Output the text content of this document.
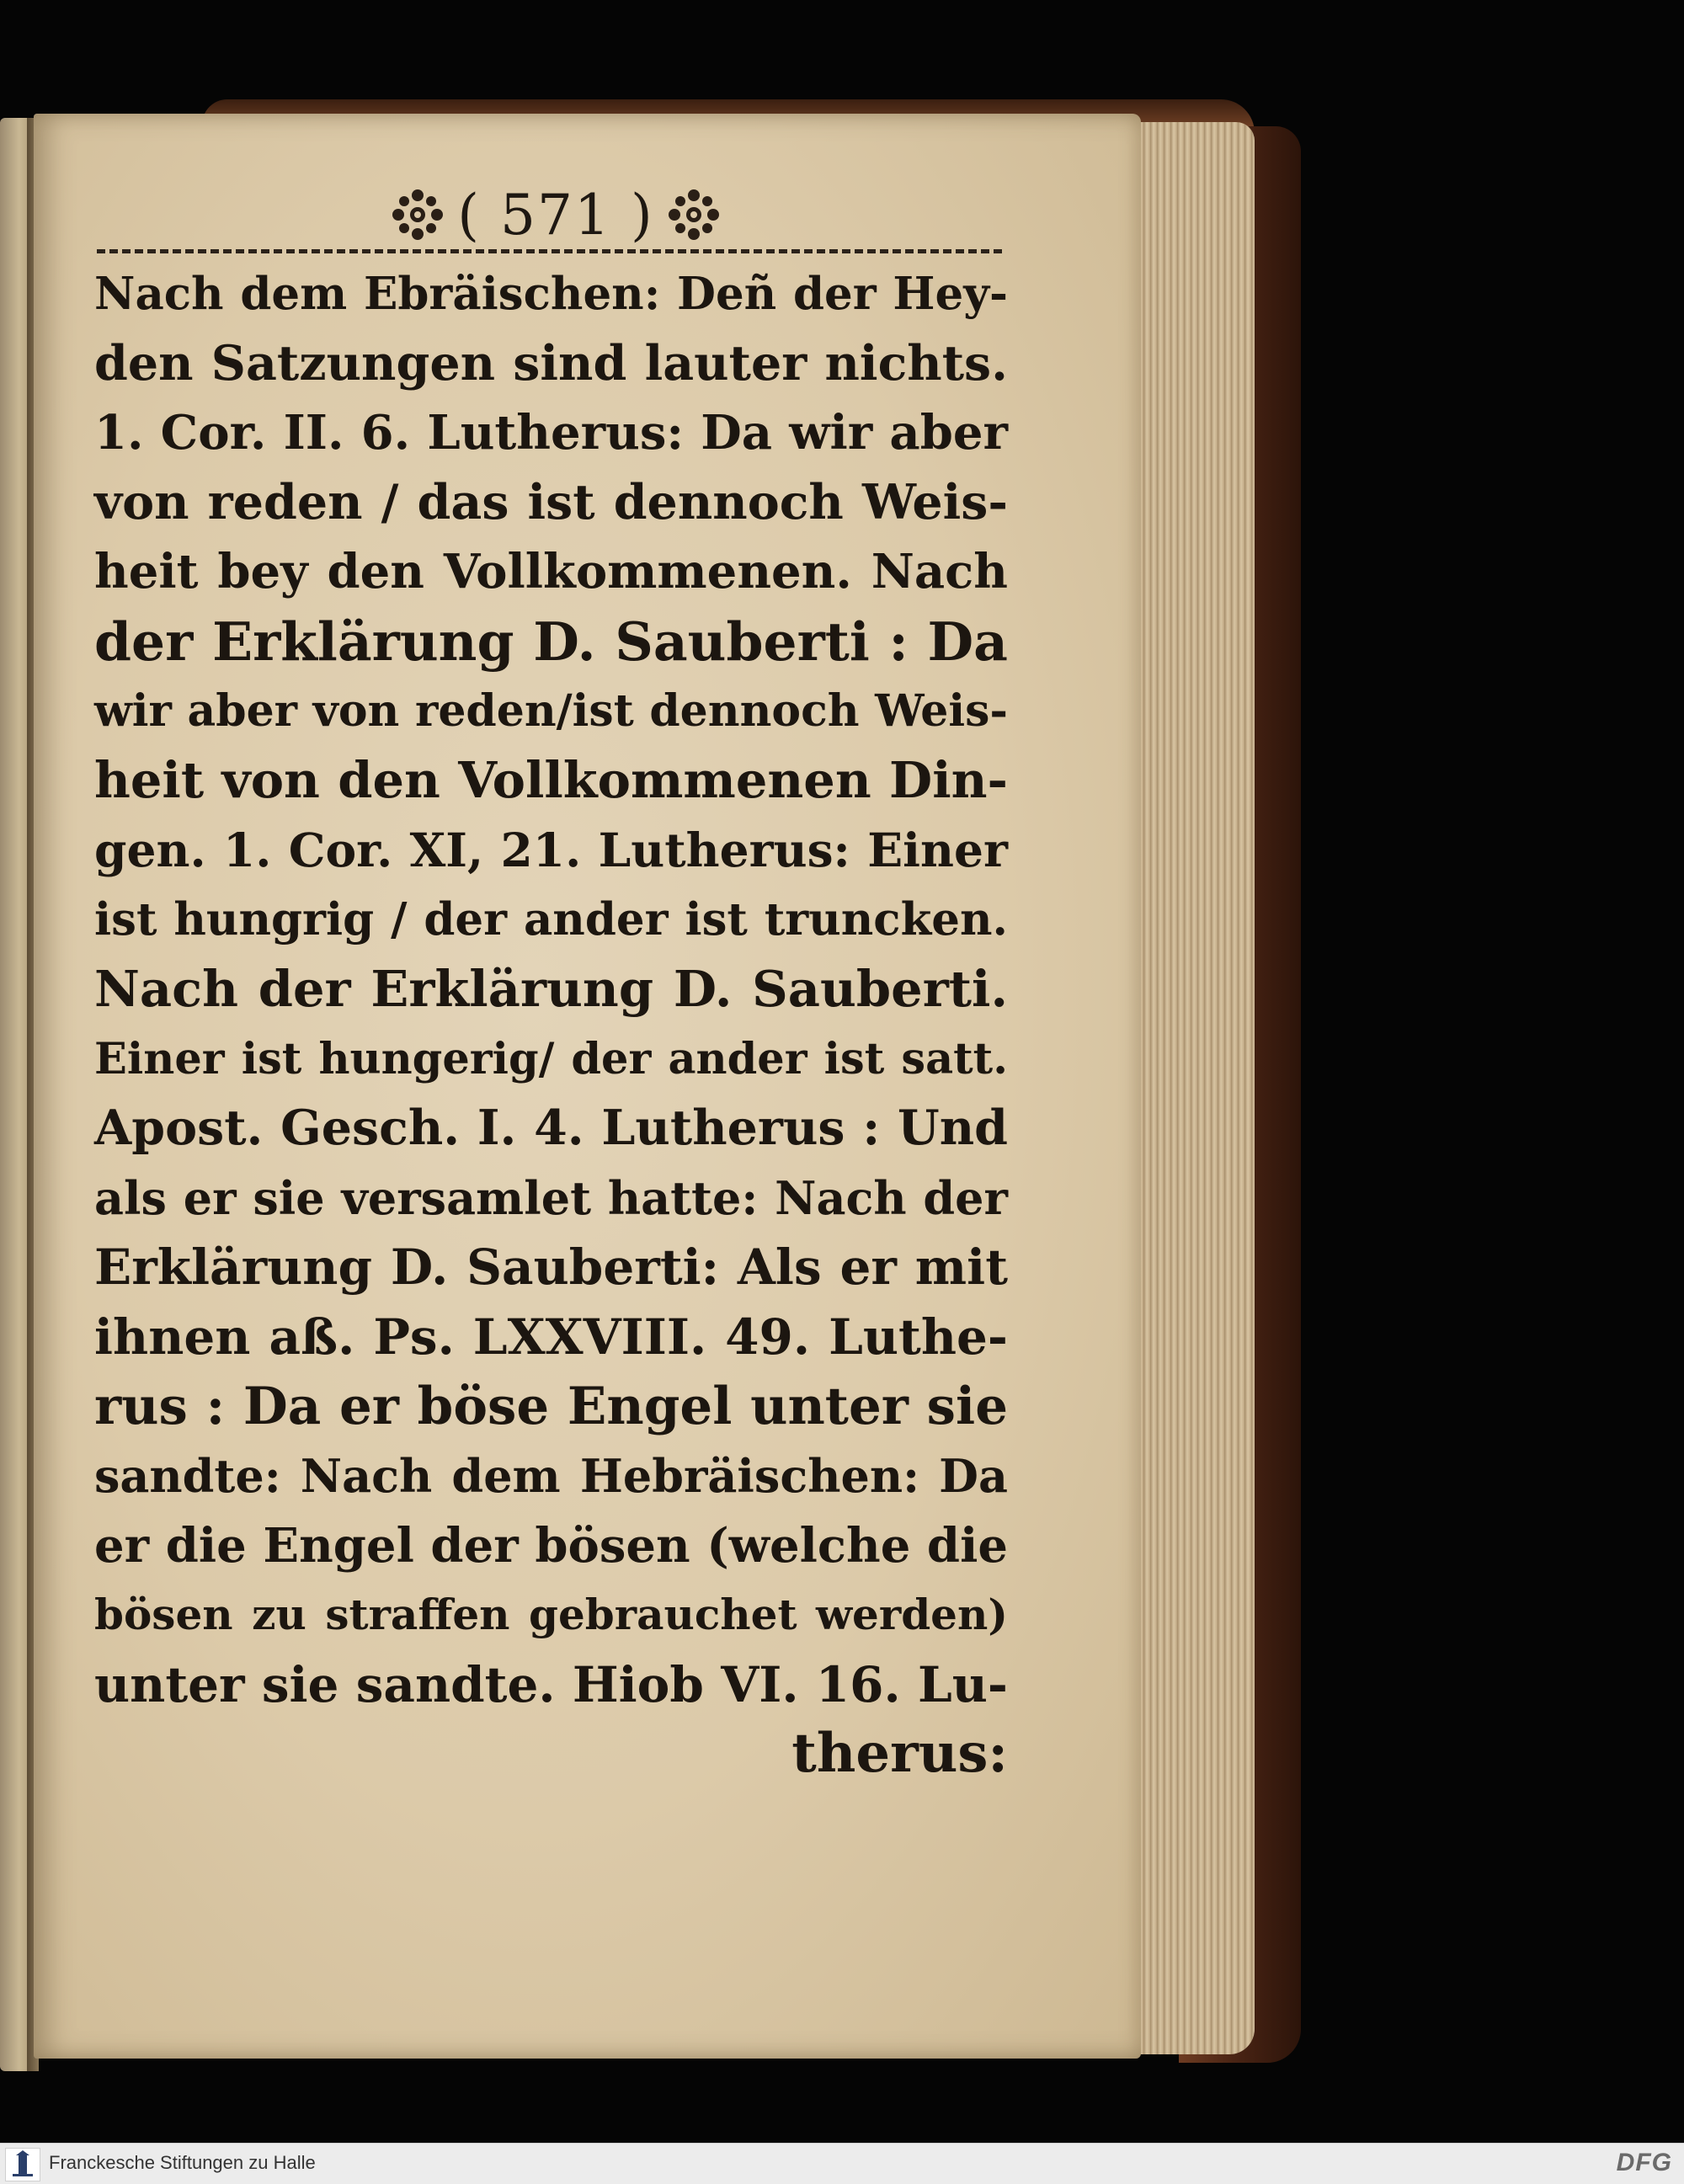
( 571 )
Nach dem Ebräischen: Deñ der Hey-
den Satzungen sind lauter nichts.
1. Cor. II. 6. Lutherus: Da wir aber
von reden / das ist dennoch Weis-
heit bey den Vollkommenen. Nach
der Erklärung D. Sauberti : Da
wir aber von reden/ist dennoch Weis-
heit von den Vollkommenen Din-
gen. 1. Cor. XI, 21. Lutherus: Einer
ist hungrig / der ander ist truncken.
Nach der Erklärung D. Sauberti.
Einer ist hungerig/ der ander ist satt.
Apost. Gesch. I. 4. Lutherus : Und
als er sie versamlet hatte: Nach der
Erklärung D. Sauberti: Als er mit
ihnen aß. Ps. LXXVIII. 49. Luthe-
rus : Da er böse Engel unter sie
sandte: Nach dem Hebräischen: Da
er die Engel der bösen (welche die
bösen zu straffen gebrauchet werden)
unter sie sandte. Hiob VI. 16. Lu-
therus:
Franckesche Stiftungen zu Halle	DFG
